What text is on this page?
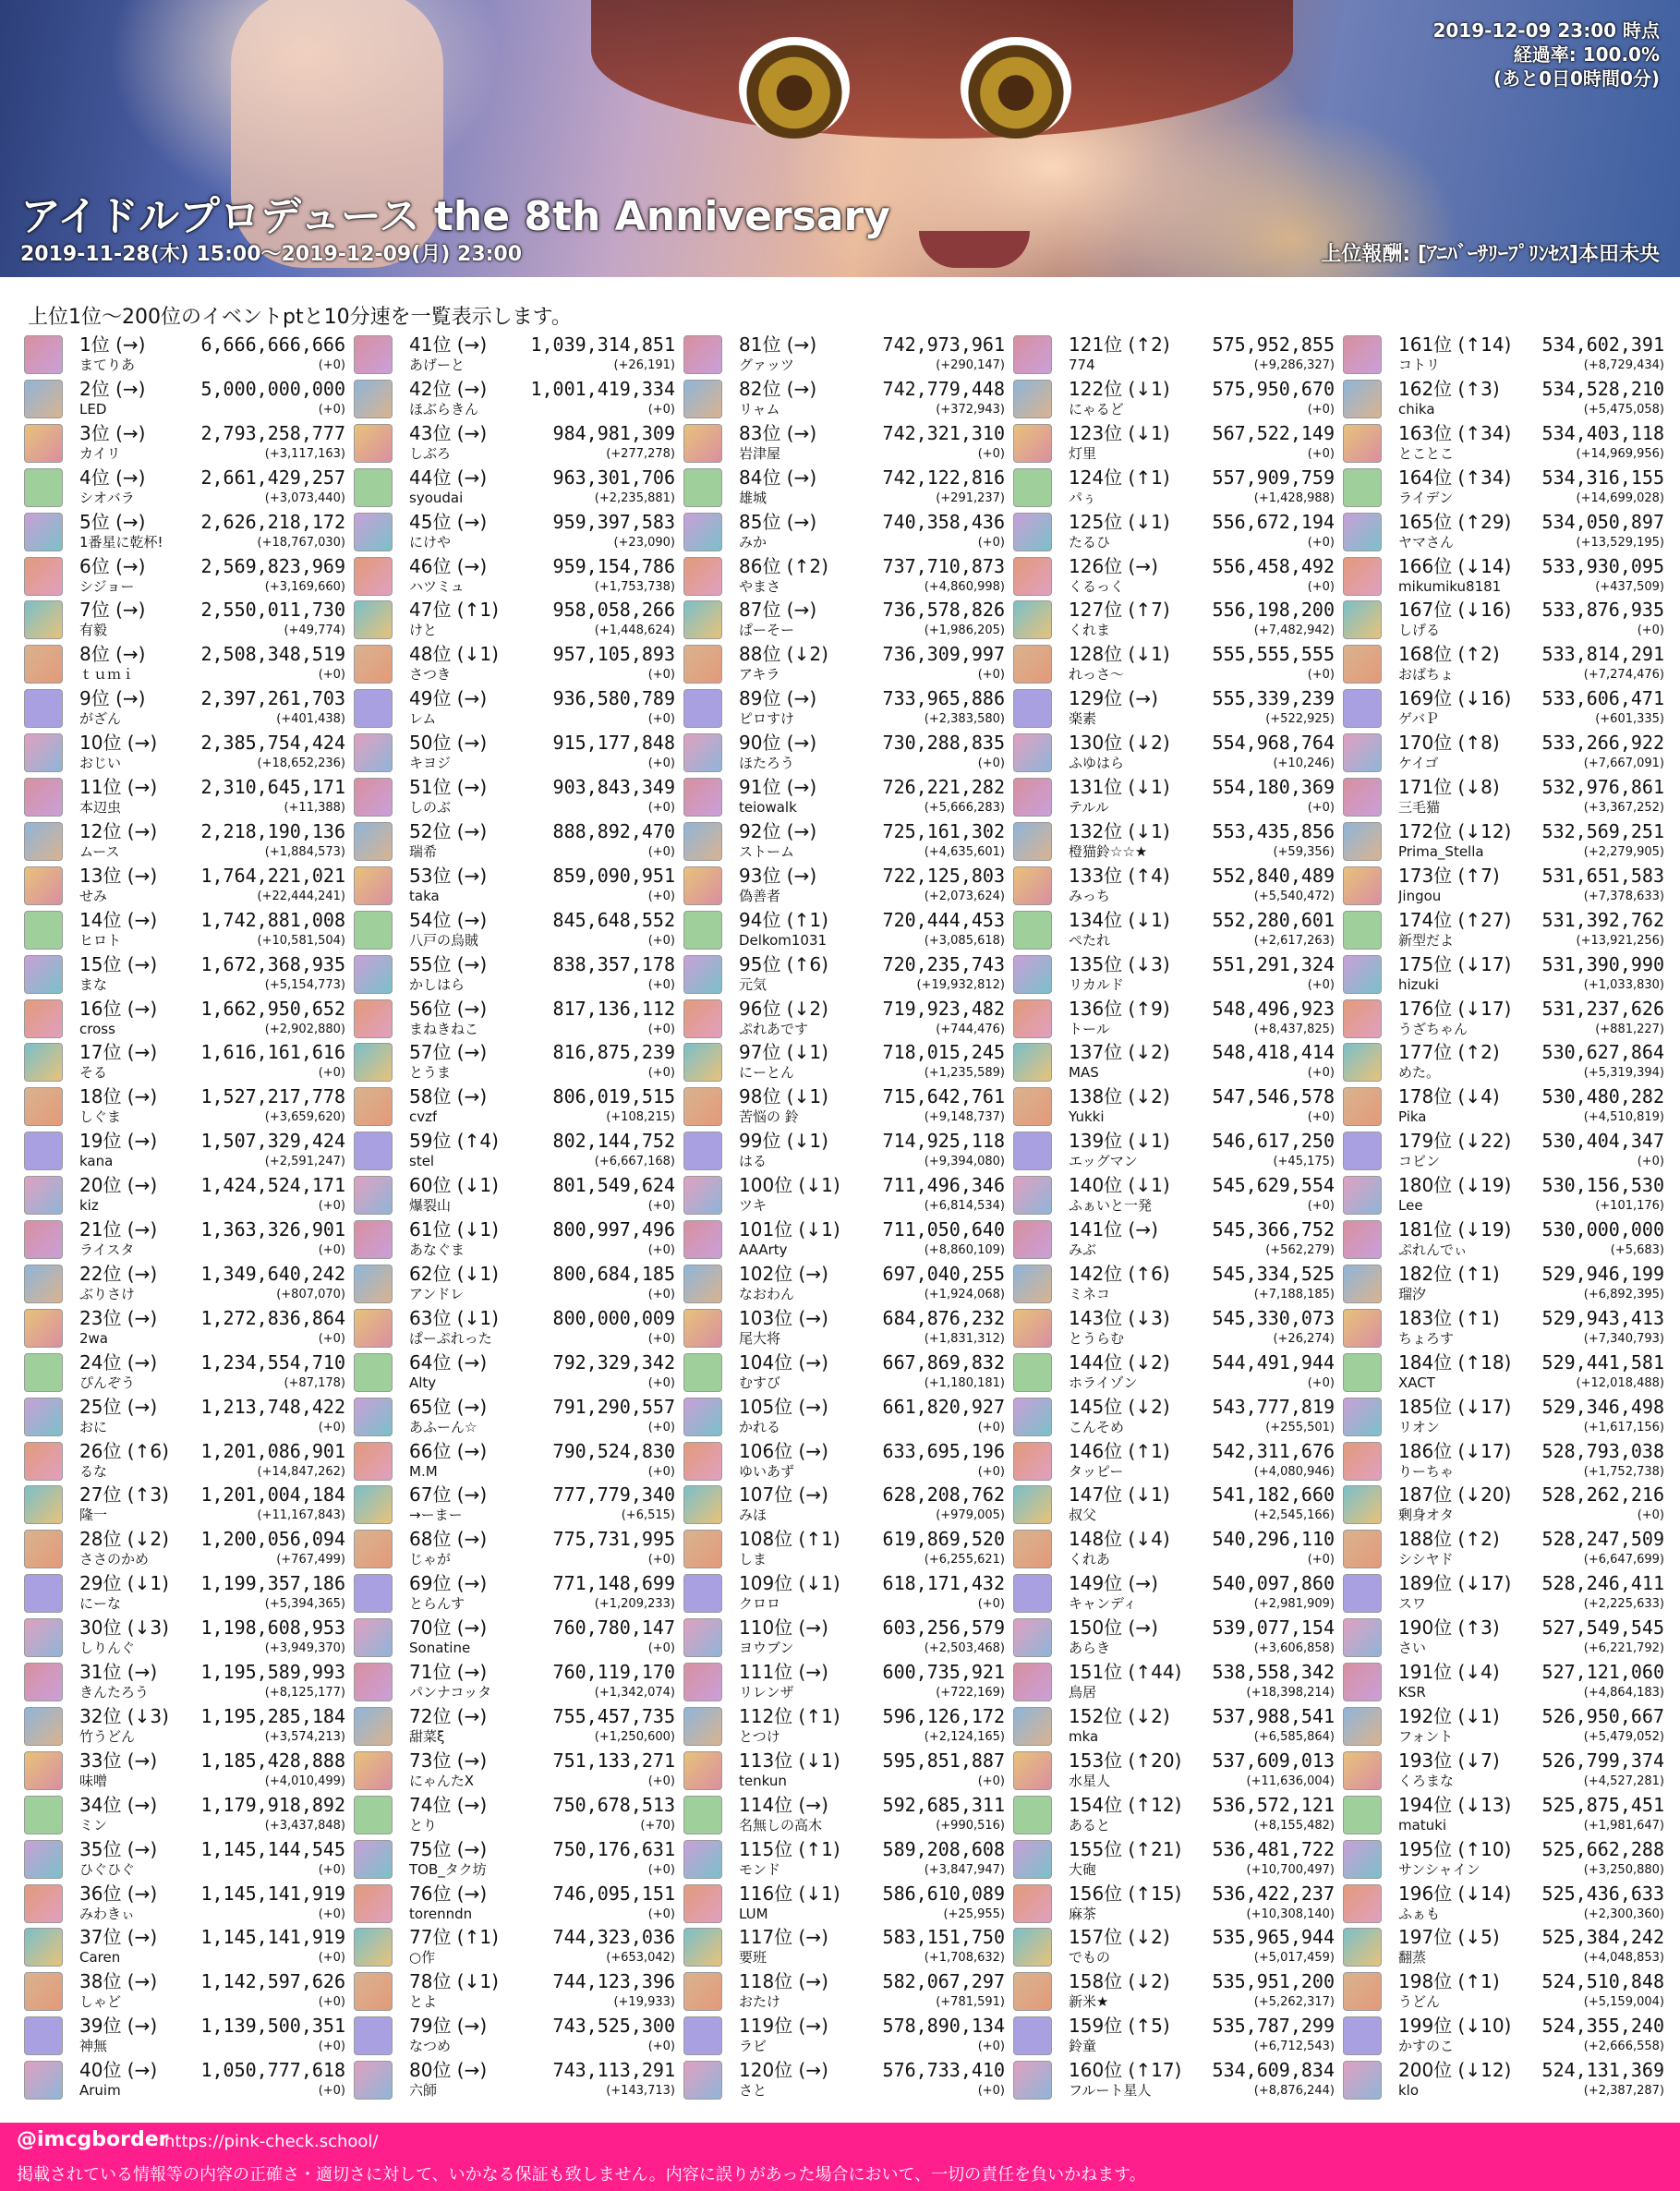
2019-12-09 23:00 時点
経過率: 100.0%
(あと0日0時間0分)
アイドルプロデュース the 8th Anniversary
2019-11-28(木) 15:00～2019-12-09(月) 23:00	上位報酬: [ｱﾆﾊﾞｰｻﾘｰﾌﾟﾘﾝｾｽ]本田未央
上位1位～200位のイベントptと10分速を一覧表示します。
1位 (→)	6,666,666,666
まてりあ	(+0)
2位 (→)	5,000,000,000
LED	(+0)
3位 (→)	2,793,258,777
カイリ	(+3,117,163)
4位 (→)	2,661,429,257
シオバラ	(+3,073,440)
5位 (→)	2,626,218,172
1番星に乾杯!	(+18,767,030)
6位 (→)	2,569,823,969
シジョー	(+3,169,660)
7位 (→)	2,550,011,730
有毅	(+49,774)
8位 (→)	2,508,348,519
ｔｕｍｉ	(+0)
9位 (→)	2,397,261,703
がざん	(+401,438)
10位 (→) 2,385,754,424
おじい	(+18,652,236)
11位 (→) 2,310,645,171
本辺虫	(+11,388)
12位 (→) 2,218,190,136
ムース	(+1,884,573)
13位 (→) 1,764,221,021
せみ	(+22,444,241)
14位 (→) 1,742,881,008
ヒロト	(+10,581,504)
15位 (→) 1,672,368,935
まな	(+5,154,773)
16位 (→) 1,662,950,652
cross	(+2,902,880)
17位 (→) 1,616,161,616
そる	(+0)
18位 (→) 1,527,217,778
しぐま	(+3,659,620)
19位 (→) 1,507,329,424
kana	(+2,591,247)
20位 (→) 1,424,524,171
kiz	(+0)
21位 (→) 1,363,326,901
ライスタ	(+0)
22位 (→) 1,349,640,242
ぶりさけ	(+807,070)
23位 (→) 1,272,836,864
2wa	(+0)
24位 (→) 1,234,554,710
ぴんぞう	(+87,178)
25位 (→) 1,213,748,422
おに	(+0)
26位 (↑6) 1,201,086,901
るな	(+14,847,262)
27位 (↑3) 1,201,004,184
隆一	(+11,167,843)
28位 (↓2) 1,200,056,094
ささのかめ	(+767,499)
29位 (↓1) 1,199,357,186
にーな	(+5,394,365)
30位 (↓3) 1,198,608,953
しりんぐ	(+3,949,370)
31位 (→) 1,195,589,993
きんたろう	(+8,125,177)
32位 (↓3) 1,195,285,184
竹うどん	(+3,574,213)
33位 (→) 1,185,428,888
味噌	(+4,010,499)
34位 (→) 1,179,918,892
ミン	(+3,437,848)
35位 (→) 1,145,144,545
ひぐひぐ	(+0)
36位 (→) 1,145,141,919
みわきぃ	(+0)
37位 (→) 1,145,141,919
Caren	(+0)
38位 (→) 1,142,597,626
しゃど	(+0)
39位 (→) 1,139,500,351
神無	(+0)
40位 (→) 1,050,777,618
Aruim	(+0)
41位 (→) 1,039,314,851
あげーと	(+26,191)
42位 (→) 1,001,419,334
ほぶらきん	(+0)
43位 (→)	984,981,309
しぶろ	(+277,278)
44位 (→)	963,301,706
syoudai	(+2,235,881)
45位 (→)	959,397,583
にけや	(+23,090)
46位 (→)	959,154,786
ハツミュ	(+1,753,738)
47位 (↑1)	958,058,266
けと	(+1,448,624)
48位 (↓1)	957,105,893
さつき	(+0)
49位 (→)	936,580,789
レム	(+0)
50位 (→)	915,177,848
キヨジ	(+0)
51位 (→)	903,843,349
しのぶ	(+0)
52位 (→)	888,892,470
瑞希	(+0)
53位 (→)	859,090,951
taka	(+0)
54位 (→)	845,648,552
八戸の烏賊	(+0)
55位 (→)	838,357,178
かしはら	(+0)
56位 (→)	817,136,112
まねきねこ	(+0)
57位 (→)	816,875,239
とうま	(+0)
58位 (→)	806,019,515
cvzf	(+108,215)
59位 (↑4)	802,144,752
stel	(+6,667,168)
60位 (↓1)	801,549,624
爆裂山	(+0)
61位 (↓1)	800,997,496
あなぐま	(+0)
62位 (↓1)	800,684,185
アンドレ	(+0)
63位 (↓1)	800,000,009
ぱーぷれった	(+0)
64位 (→)	792,329,342
Alty	(+0)
65位 (→)	791,290,557
あふーん☆	(+0)
66位 (→)	790,524,830
M.M	(+0)
67位 (→)	777,779,340
→ーまー	(+6,515)
68位 (→)	775,731,995
じゃが	(+0)
69位 (→)	771,148,699
とらんす	(+1,209,233)
70位 (→)	760,780,147
Sonatine	(+0)
71位 (→)	760,119,170
パンナコッタ	(+1,342,074)
72位 (→)	755,457,735
甜菜ξ	(+1,250,600)
73位 (→)	751,133,271
にゃんたX	(+0)
74位 (→)	750,678,513
とり	(+70)
75位 (→)	750,176,631
TOB_タク坊	(+0)
76位 (→)	746,095,151
torenndn	(+0)
77位 (↑1)	744,323,036
○作	(+653,042)
78位 (↓1)	744,123,396
とよ	(+19,933)
79位 (→)	743,525,300
なつめ	(+0)
80位 (→)	743,113,291
六師	(+143,713)
81位 (→)	742,973,961
グァッツ	(+290,147)
82位 (→)	742,779,448
リャム	(+372,943)
83位 (→)	742,321,310
岩津屋	(+0)
84位 (→)	742,122,816
雄城	(+291,237)
85位 (→)	740,358,436
みか	(+0)
86位 (↑2)	737,710,873
やまさ	(+4,860,998)
87位 (→)	736,578,826
ぱーそー	(+1,986,205)
88位 (↓2)	736,309,997
アキラ	(+0)
89位 (→)	733,965,886
ピロすけ	(+2,383,580)
90位 (→)	730,288,835
ほたろう	(+0)
91位 (→)	726,221,282
teiowalk	(+5,666,283)
92位 (→)	725,161,302
ストーム	(+4,635,601)
93位 (→)	722,125,803
偽善者	(+2,073,624)
94位 (↑1)	720,444,453
Delkom1031	(+3,085,618)
95位 (↑6)	720,235,743
元気	(+19,932,812)
96位 (↓2)	719,923,482
ぷれあです	(+744,476)
97位 (↓1)	718,015,245
にーとん	(+1,235,589)
98位 (↓1)	715,642,761
苦悩の 鈴	(+9,148,737)
99位 (↓1)	714,925,118
はる	(+9,394,080)
100位 (↓1) 711,496,346
ツキ	(+6,814,534)
101位 (↓1) 711,050,640
AAArty	(+8,860,109)
102位 (→)	697,040,255
なおわん	(+1,924,068)
103位 (→)	684,876,232
尾大将	(+1,831,312)
104位 (→)	667,869,832
むすび	(+1,180,181)
105位 (→)	661,820,927
かれる	(+0)
106位 (→)	633,695,196
ゆいあず	(+0)
107位 (→)	628,208,762
みほ	(+979,005)
108位 (↑1) 619,869,520
しま	(+6,255,621)
109位 (↓1) 618,171,432
クロロ	(+0)
110位 (→)	603,256,579
ヨウブン	(+2,503,468)
111位 (→)	600,735,921
リレンザ	(+722,169)
112位 (↑1) 596,126,172
とつけ	(+2,124,165)
113位 (↓1) 595,851,887
tenkun	(+0)
114位 (→)	592,685,311
名無しの高木	(+990,516)
115位 (↑1) 589,208,608
モンド	(+3,847,947)
116位 (↓1) 586,610,089
LUM	(+25,955)
117位 (→)	583,151,750
要班	(+1,708,632)
118位 (→)	582,067,297
おたけ	(+781,591)
119位 (→)	578,890,134
ラビ	(+0)
120位 (→)	576,733,410
さと	(+0)
121位 (↑2) 575,952,855
774	(+9,286,327)
122位 (↓1) 575,950,670
にゃるど	(+0)
123位 (↓1) 567,522,149
灯里	(+0)
124位 (↑1) 557,909,759
パぅ	(+1,428,988)
125位 (↓1) 556,672,194
たるひ	(+0)
126位 (→)	556,458,492
くるっく	(+0)
127位 (↑7) 556,198,200
くれま	(+7,482,942)
128位 (↓1) 555,555,555
れっさ～	(+0)
129位 (→)	555,339,239
楽素	(+522,925)
130位 (↓2) 554,968,764
ふゆはら	(+10,246)
131位 (↓1) 554,180,369
テルル	(+0)
132位 (↓1) 553,435,856
橙猫鈴☆☆★	(+59,356)
133位 (↑4) 552,840,489
みっち	(+5,540,472)
134位 (↓1) 552,280,601
ぺたれ	(+2,617,263)
135位 (↓3) 551,291,324
リカルド	(+0)
136位 (↑9) 548,496,923
トール	(+8,437,825)
137位 (↓2) 548,418,414
MAS	(+0)
138位 (↓2) 547,546,578
Yukki	(+0)
139位 (↓1) 546,617,250
エッグマン	(+45,175)
140位 (↓1) 545,629,554
ふぁいと一発	(+0)
141位 (→)	545,366,752
みぶ	(+562,279)
142位 (↑6) 545,334,525
ミネコ	(+7,188,185)
143位 (↓3) 545,330,073
とうらむ	(+26,274)
144位 (↓2) 544,491,944
ホライゾン	(+0)
145位 (↓2) 543,777,819
こんそめ	(+255,501)
146位 (↑1) 542,311,676
タッピー	(+4,080,946)
147位 (↓1) 541,182,660
叔父	(+2,545,166)
148位 (↓4) 540,296,110
くれあ	(+0)
149位 (→)	540,097,860
キャンディ	(+2,981,909)
150位 (→)	539,077,154
あらき	(+3,606,858)
151位 (↑44) 538,558,342
鳥居	(+18,398,214)
152位 (↓2) 537,988,541
mka	(+6,585,864)
153位 (↑20) 537,609,013
水星人	(+11,636,004)
154位 (↑12) 536,572,121
あると	(+8,155,482)
155位 (↑21) 536,481,722
大砲	(+10,700,497)
156位 (↑15) 536,422,237
麻茶	(+10,308,140)
157位 (↓2) 535,965,944
でもの	(+5,017,459)
158位 (↓2) 535,951,200
新米★	(+5,262,317)
159位 (↑5) 535,787,299
鈴童	(+6,712,543)
160位 (↑17) 534,609,834
フルート星人	(+8,876,244)
161位 (↑14) 534,602,391
コトリ	(+8,729,434)
162位 (↑3) 534,528,210
chika	(+5,475,058)
163位 (↑34) 534,403,118
とことこ	(+14,969,956)
164位 (↑34) 534,316,155
ライデン	(+14,699,028)
165位 (↑29) 534,050,897
ヤマさん	(+13,529,195)
166位 (↓14) 533,930,095
mikumiku8181	(+437,509)
167位 (↓16) 533,876,935
しげる	(+0)
168位 (↑2) 533,814,291
おばちょ	(+7,274,476)
169位 (↓16) 533,606,471
ゲバＰ	(+601,335)
170位 (↑8) 533,266,922
ケイゴ	(+7,667,091)
171位 (↓8) 532,976,861
三毛猫	(+3,367,252)
172位 (↓12) 532,569,251
Prima_Stella	(+2,279,905)
173位 (↑7) 531,651,583
Jingou	(+7,378,633)
174位 (↑27) 531,392,762
新型だよ	(+13,921,256)
175位 (↓17) 531,390,990
hizuki	(+1,033,830)
176位 (↓17) 531,237,626
うざちゃん	(+881,227)
177位 (↑2) 530,627,864
めた。	(+5,319,394)
178位 (↓4) 530,480,282
Pika	(+4,510,819)
179位 (↓22) 530,404,347
コビン	(+0)
180位 (↓19) 530,156,530
Lee	(+101,176)
181位 (↓19) 530,000,000
ぷれんでぃ	(+5,683)
182位 (↑1) 529,946,199
瑠汐	(+6,892,395)
183位 (↑1) 529,943,413
ちょろす	(+7,340,793)
184位 (↑18) 529,441,581
XACT	(+12,018,488)
185位 (↓17) 529,346,498
リオン	(+1,617,156)
186位 (↓17) 528,793,038
りーちゃ	(+1,752,738)
187位 (↓20) 528,262,216
剰身オタ	(+0)
188位 (↑2) 528,247,509
シシヤド	(+6,647,699)
189位 (↓17) 528,246,411
スワ	(+2,225,633)
190位 (↑3) 527,549,545
さい	(+6,221,792)
191位 (↓4) 527,121,060
KSR	(+4,864,183)
192位 (↓1) 526,950,667
フォント	(+5,479,052)
193位 (↓7) 526,799,374
くろまな	(+4,527,281)
194位 (↓13) 525,875,451
matuki	(+1,981,647)
195位 (↑10) 525,662,288
サンシャイン	(+3,250,880)
196位 (↓14) 525,436,633
ふぁも	(+2,300,360)
197位 (↓5) 525,384,242
翻蒸	(+4,048,853)
198位 (↑1) 524,510,848
うどん	(+5,159,004)
199位 (↓10) 524,355,240
かすのこ	(+2,666,558)
200位 (↓12) 524,131,369
klo	(+2,387,287)
@imcgborder
https://pink-check.school/
掲載されている情報等の内容の正確さ・適切さに対して、いかなる保証も致しません。内容に誤りがあった場合において、一切の責任を負いかねます。
